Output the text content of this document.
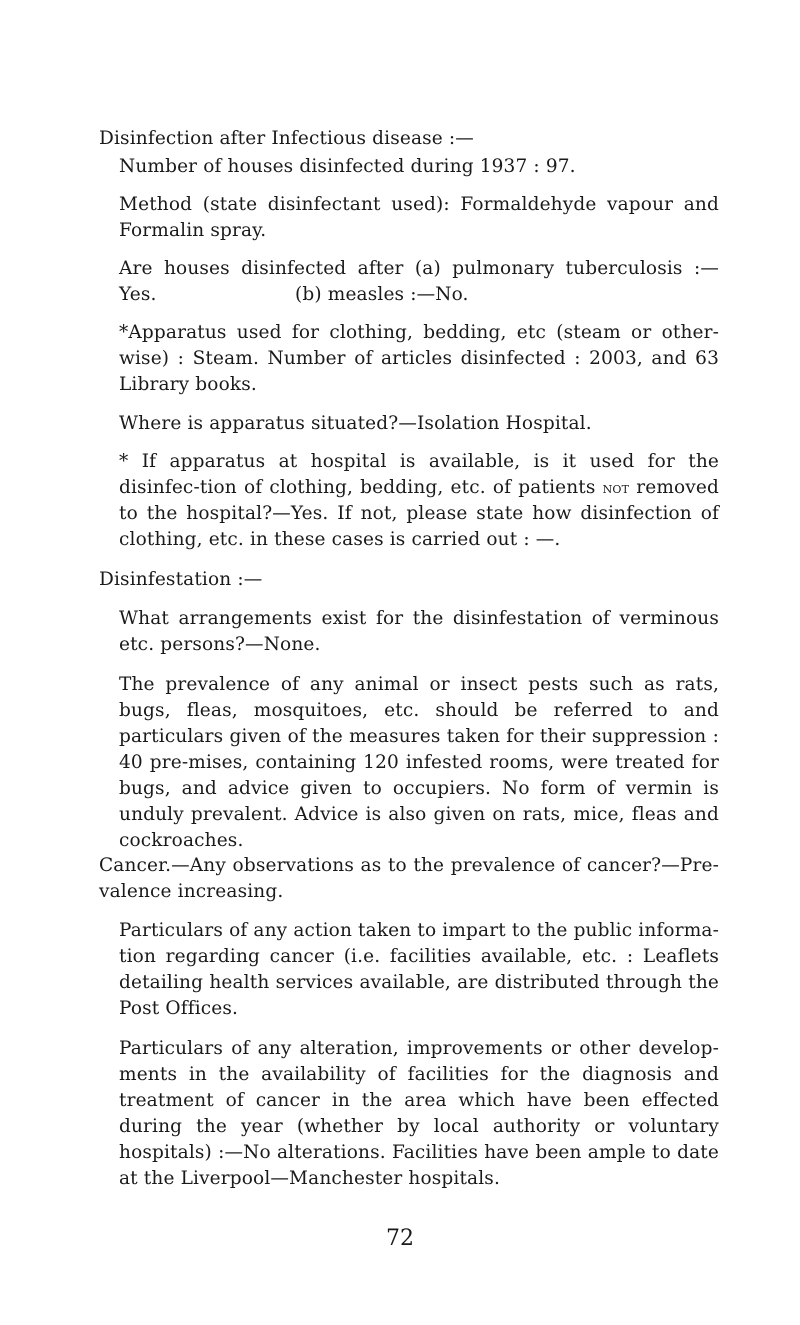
Disinfection after Infectious disease :—
Number of houses disinfected during 1937 : 97.
Method (state disinfectant used): Formaldehyde vapour and Formalin spray.
Are houses disinfected after (a) pulmonary tuberculosis :—Yes.	(b) measles :—No.
*Apparatus used for clothing, bedding, etc (steam or other-wise) : Steam. Number of articles disinfected : 2003, and 63 Library books.
Where is apparatus situated?—Isolation Hospital.
* If apparatus at hospital is available, is it used for the disinfec-tion of clothing, bedding, etc. of patients not removed to the hospital?—Yes. If not, please state how disinfection of clothing, etc. in these cases is carried out : —.
Disinfestation :—
What arrangements exist for the disinfestation of verminous etc. persons?—None.
The prevalence of any animal or insect pests such as rats, bugs, fleas, mosquitoes, etc. should be referred to and particulars given of the measures taken for their suppression : 40 pre-mises, containing 120 infested rooms, were treated for bugs, and advice given to occupiers. No form of vermin is unduly prevalent. Advice is also given on rats, mice, fleas and cockroaches.
Cancer.—Any observations as to the prevalence of cancer?—Pre-valence increasing.
Particulars of any action taken to impart to the public informa-tion regarding cancer (i.e. facilities available, etc. : Leaflets detailing health services available, are distributed through the Post Offices.
Particulars of any alteration, improvements or other develop-ments in the availability of facilities for the diagnosis and treatment of cancer in the area which have been effected during the year (whether by local authority or voluntary hospitals) :—No alterations. Facilities have been ample to date at the Liverpool—Manchester hospitals.
72
